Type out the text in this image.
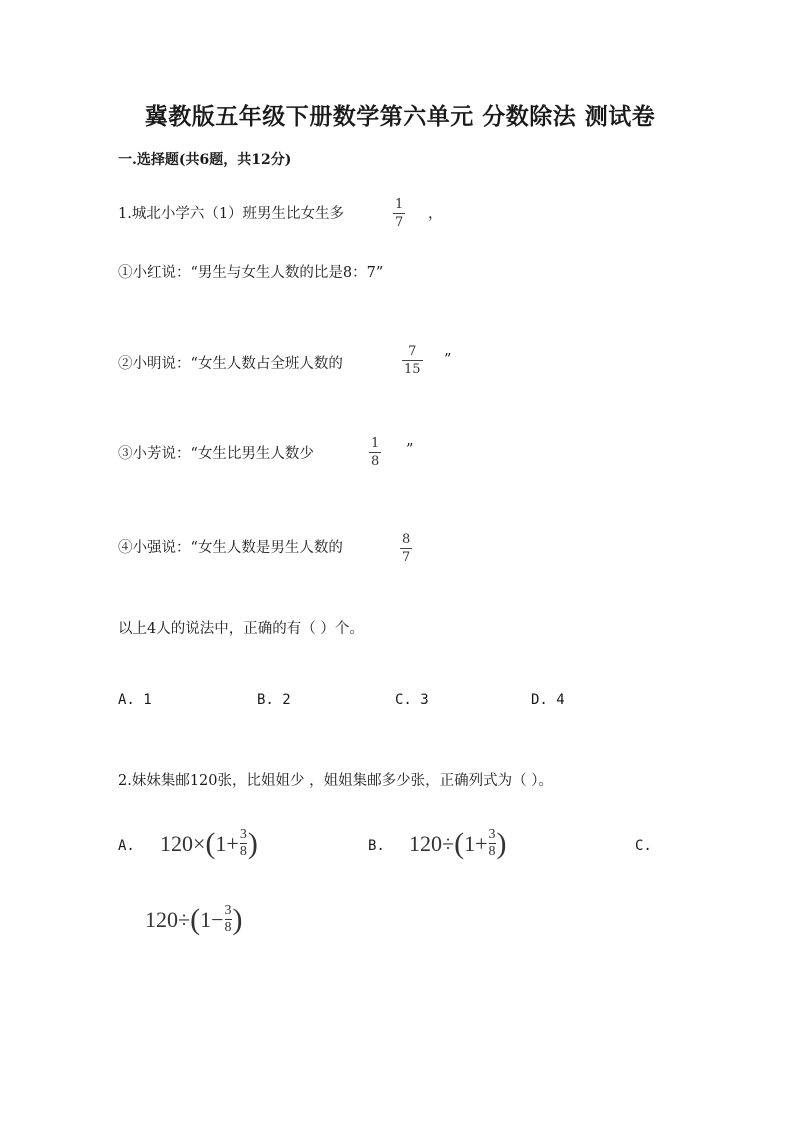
冀教版五年级下册数学第六单元 分数除法 测试卷
一.选择题(共6题，共12分)
1.城北小学六（1）班男生比女生多
1
7
，
①小红说：“男生与女生人数的比是8：7”
②小明说：“女生人数占全班人数的
7
15
”
③小芳说：“女生比男生人数少
1
8
”
④小强说：“女生人数是男生人数的
8
7
以上4人的说法中，正确的有（ ）个。
A. 1	B. 2	C. 3	D. 4
2.妹妹集邮120张，比姐姐少 ，姐姐集邮多少张，正确列式为（ ）。
A. 120× ( 1+ 3
8 )	B. 120÷ ( 1+ 3
8 )	C.
120÷ ( 1− 3
8 )
